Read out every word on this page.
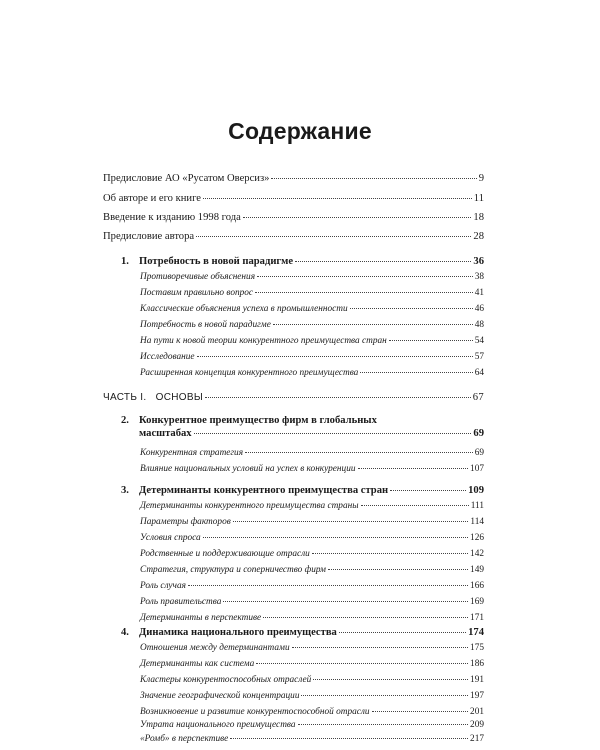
Содержание
Предисловие АО «Русатом Оверсиз»	9
Об авторе и его книге	11
Введение к изданию 1998 года	18
Предисловие автора	28
1. Потребность в новой парадигме	36
Противоречивые объяснения	38
Поставим правильно вопрос	41
Классические объяснения успеха в промышленности	46
Потребность в новой парадигме	48
На пути к новой теории конкурентного преимущества стран	54
Исследование	57
Расширенная концепция конкурентного преимущества	64
ЧАСТЬ I.   ОСНОВЫ	67
2. Конкурентное преимущество фирм в глобальных
масштабах	69
Конкурентная стратегия	69
Влияние национальных условий на успех в конкуренции	107
3. Детерминанты конкурентного преимущества стран	109
Детерминанты конкурентного преимущества страны	111
Параметры факторов	114
Условия спроса	126
Родственные и поддерживающие отрасли	142
Стратегия, структура и соперничество фирм	149
Роль случая	166
Роль правительства	169
Детерминанты в перспективе	171
4. Динамика национального преимущества	174
Отношения между детерминантами	175
Детерминанты как система	186
Кластеры конкурентоспособных отраслей	191
Значение географической концентрации	197
Возникновение и развитие конкурентоспособной отрасли	201
Утрата национального преимущества	209
«Ромб» в перспективе	217
